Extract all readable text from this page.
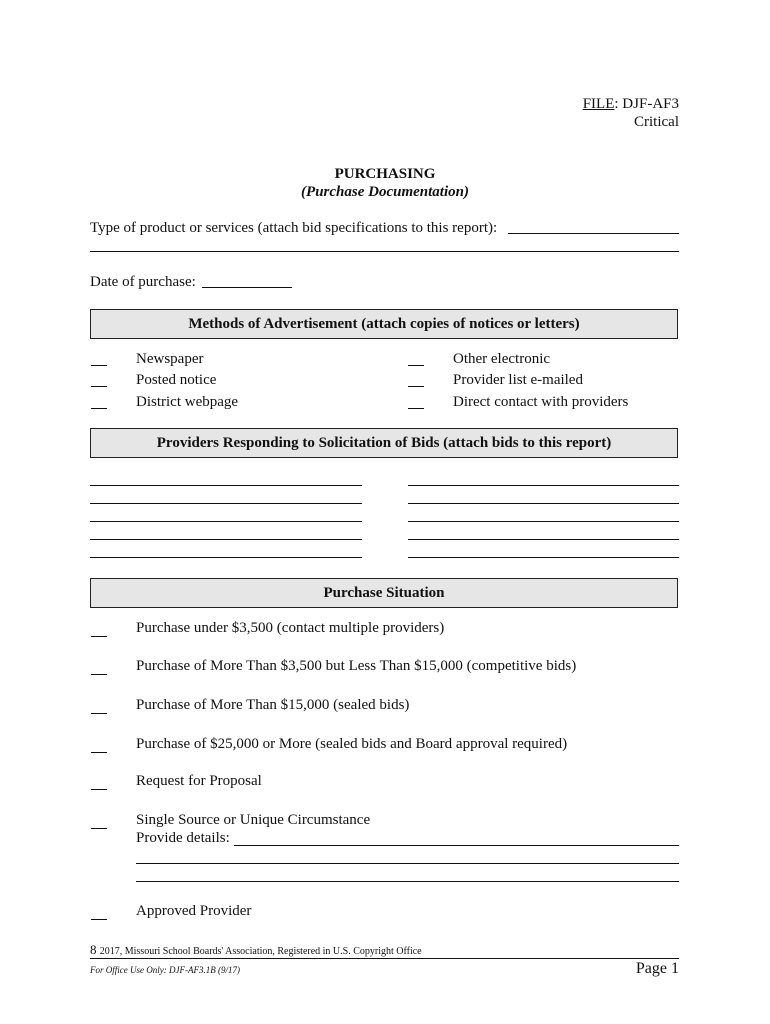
FILE: DJF-AF3
Critical
PURCHASING
(Purchase Documentation)
Type of product or services (attach bid specifications to this report):
Date of purchase:
Methods of Advertisement (attach copies of notices or letters)
Newspaper
Posted notice
District webpage
Other electronic
Provider list e-mailed
Direct contact with providers
Providers Responding to Solicitation of Bids (attach bids to this report)
Purchase Situation
Purchase under $3,500 (contact multiple providers)
Purchase of More Than $3,500 but Less Than $15,000 (competitive bids)
Purchase of More Than $15,000 (sealed bids)
Purchase of $25,000 or More (sealed bids and Board approval required)
Request for Proposal
Single Source or Unique Circumstance
Provide details:
Approved Provider
8 2017, Missouri School Boards' Association, Registered in U.S. Copyright Office
For Office Use Only: DJF-AF3.1B (9/17)	Page 1
